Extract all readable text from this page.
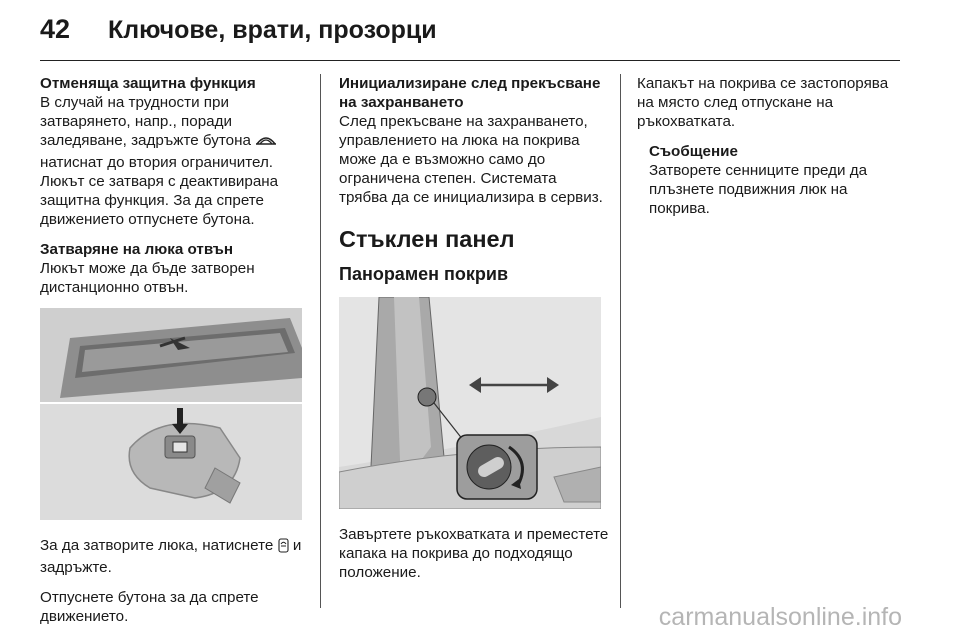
42 Ключове, врати, прозорци
Отменяща защитна функция

В случай на трудности при затварянето, напр., поради заледяване, задръжте бутона  натиснат до втория ограничител. Люкът се затваря с деактивирана защитна функция. За да спрете движението отпуснете бутона.

Затваряне на люка отвън

Люкът може да бъде затворен дистанционно отвън.

За да затворите люка, натиснете и задръжте.

Отпуснете бутона за да спрете движението.

Инициализиране след прекъсване на захранването

След прекъсване на захранването, управлението на люка на покрива може да е възможно само до ограничена степен. Системата трябва да се инициализира в сервиз.

Стъклен панел
Панорамен покрив

Завъртете ръкохватката и преместете капака на покрива до подходящо положение.

Капакът на покрива се застопорява на място след отпускане на ръкохватката.

Съобщение
Затворете сенниците преди да плъзнете подвижния люк на покрива.
carmanualsonline.info
